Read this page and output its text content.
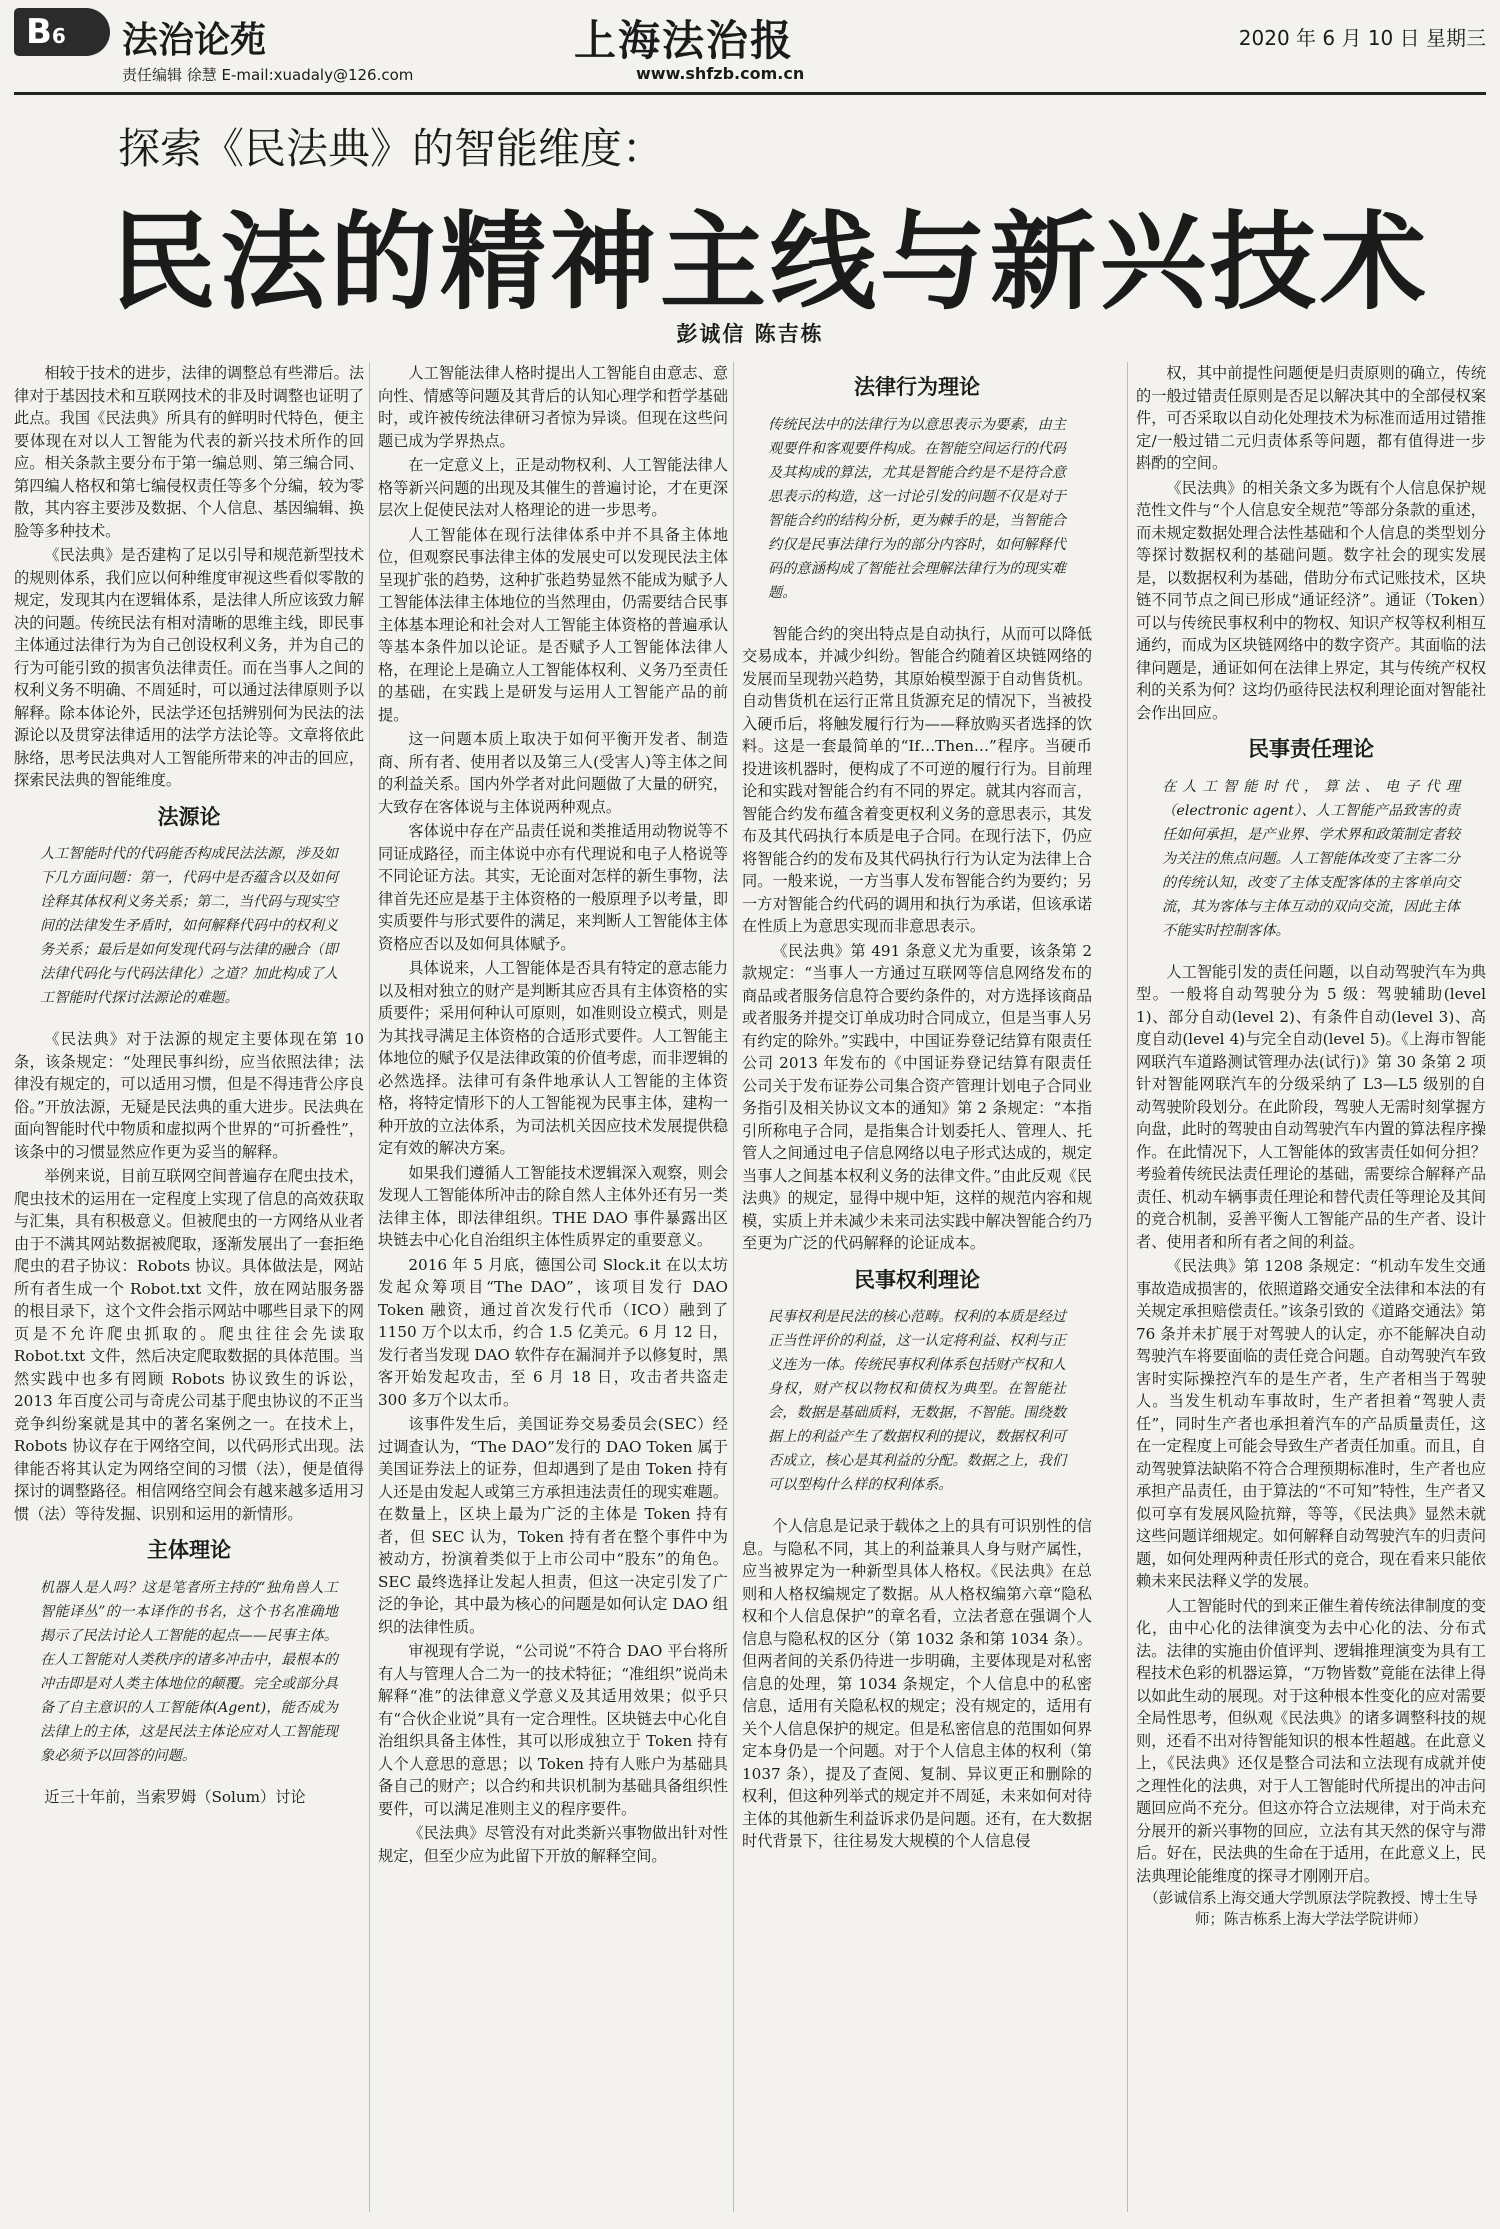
B6	法治论苑
责任编辑 徐慧 E-mail:xuadaly@126.com
上海法治报
www.shfzb.com.cn
2020 年 6 月 10 日 星期三
探索《民法典》的智能维度：
民法的精神主线与新兴技术
彭诚信 陈吉栋

相较于技术的进步，法律的调整总有些滞后。法律对于基因技术和互联网技术的非及时调整也证明了此点。我国《民法典》所具有的鲜明时代特色，便主要体现在对以人工智能为代表的新兴技术所作的回应。相关条款主要分布于第一编总则、第三编合同、第四编人格权和第七编侵权责任等多个分编，较为零散，其内容主要涉及数据、个人信息、基因编辑、换脸等多种技术。

《民法典》是否建构了足以引导和规范新型技术的规则体系，我们应以何种维度审视这些看似零散的规定，发现其内在逻辑体系，是法律人所应该致力解决的问题。传统民法有相对清晰的思维主线，即民事主体通过法律行为为自己创设权利义务，并为自己的行为可能引致的损害负法律责任。而在当事人之间的权利义务不明确、不周延时，可以通过法律原则予以解释。除本体论外，民法学还包括辨别何为民法的法源论以及贯穿法律适用的法学方法论等。文章将依此脉络，思考民法典对人工智能所带来的冲击的回应，探索民法典的智能维度。

法源论
人工智能时代的代码能否构成民法法源，涉及如下几方面问题：第一，代码中是否蕴含以及如何诠释其体权利义务关系；第二，当代码与现实空间的法律发生矛盾时，如何解释代码中的权利义务关系；最后是如何发现代码与法律的融合（即法律代码化与代码法律化）之道？加此构成了人工智能时代探讨法源论的难题。

《民法典》对于法源的规定主要体现在第 10 条，该条规定：“处理民事纠纷，应当依照法律；法律没有规定的，可以适用习惯，但是不得违背公序良俗。”开放法源，无疑是民法典的重大进步。民法典在面向智能时代中物质和虚拟两个世界的“可折叠性”，该条中的习惯显然应作更为妥当的解释。

举例来说，目前互联网空间普遍存在爬虫技术，爬虫技术的运用在一定程度上实现了信息的高效获取与汇集，具有积极意义。但被爬虫的一方网络从业者由于不满其网站数据被爬取，逐渐发展出了一套拒绝爬虫的君子协议：Robots 协议。具体做法是，网站所有者生成一个 Robot.txt 文件，放在网站服务器的根目录下，这个文件会指示网站中哪些目录下的网页是不允许爬虫抓取的。爬虫往往会先读取 Robot.txt 文件，然后决定爬取数据的具体范围。当然实践中也多有罔顾 Robots 协议致生的诉讼，2013 年百度公司与奇虎公司基于爬虫协议的不正当竞争纠纷案就是其中的著名案例之一。在技术上，Robots 协议存在于网络空间，以代码形式出现。法律能否将其认定为网络空间的习惯（法），便是值得探讨的调整路径。相信网络空间会有越来越多适用习惯（法）等待发掘、识别和运用的新情形。

主体理论
机器人是人吗？这是笔者所主持的“独角兽人工智能译丛”的一本译作的书名，这个书名准确地揭示了民法讨论人工智能的起点——民事主体。在人工智能对人类秩序的诸多冲击中，最根本的冲击即是对人类主体地位的颠覆。完全或部分具备了自主意识的人工智能体(Agent)，能否成为法律上的主体，这是民法主体论应对人工智能现象必须予以回答的问题。

近三十年前，当索罗姆（Solum）讨论

人工智能法律人格时提出人工智能自由意志、意向性、情感等问题及其背后的认知心理学和哲学基础时，或许被传统法律研习者惊为异谈。但现在这些问题已成为学界热点。

在一定意义上，正是动物权利、人工智能法律人格等新兴问题的出现及其催生的普遍讨论，才在更深层次上促使民法对人格理论的进一步思考。

人工智能体在现行法律体系中并不具备主体地位，但观察民事法律主体的发展史可以发现民法主体呈现扩张的趋势，这种扩张趋势显然不能成为赋予人工智能体法律主体地位的当然理由，仍需要结合民事主体基本理论和社会对人工智能主体资格的普遍承认等基本条件加以论证。是否赋予人工智能体法律人格，在理论上是确立人工智能体权利、义务乃至责任的基础，在实践上是研发与运用人工智能产品的前提。

这一问题本质上取决于如何平衡开发者、制造商、所有者、使用者以及第三人(受害人)等主体之间的利益关系。国内外学者对此问题做了大量的研究，大致存在客体说与主体说两种观点。

客体说中存在产品责任说和类推适用动物说等不同证成路径，而主体说中亦有代理说和电子人格说等不同论证方法。其实，无论面对怎样的新生事物，法律首先还应是基于主体资格的一般原理予以考量，即实质要件与形式要件的满足，来判断人工智能体主体资格应否以及如何具体赋予。

具体说来，人工智能体是否具有特定的意志能力以及相对独立的财产是判断其应否具有主体资格的实质要件；采用何种认可原则，如准则设立模式，则是为其找寻满足主体资格的合适形式要件。人工智能主体地位的赋予仅是法律政策的价值考虑，而非逻辑的必然选择。法律可有条件地承认人工智能的主体资格，将特定情形下的人工智能视为民事主体，建构一种开放的立法体系，为司法机关因应技术发展提供稳定有效的解决方案。

如果我们遵循人工智能技术逻辑深入观察，则会发现人工智能体所冲击的除自然人主体外还有另一类法律主体，即法律组织。THE DAO 事件暴露出区块链去中心化自治组织主体性质界定的重要意义。

2016 年 5 月底，德国公司 Slock.it 在以太坊发起众筹项目“The DAO”，该项目发行 DAO Token 融资，通过首次发行代币（ICO）融到了 1150 万个以太币，约合 1.5 亿美元。6 月 12 日，发行者当发现 DAO 软件存在漏洞并予以修复时，黑客开始发起攻击，至 6 月 18 日，攻击者共盗走 300 多万个以太币。

该事件发生后，美国证券交易委员会(SEC）经过调查认为，“The DAO”发行的 DAO Token 属于美国证券法上的证券，但却遇到了是由 Token 持有人还是由发起人或第三方承担违法责任的现实难题。在数量上，区块上最为广泛的主体是 Token 持有者，但 SEC 认为，Token 持有者在整个事件中为被动方，扮演着类似于上市公司中“股东”的角色。SEC 最终选择让发起人担责，但这一决定引发了广泛的争论，其中最为核心的问题是如何认定 DAO 组织的法律性质。

审视现有学说，“公司说”不符合 DAO 平台将所有人与管理人合二为一的技术特征；“准组织”说尚未解释“准”的法律意义学意义及其适用效果；似乎只有“合伙企业说”具有一定合理性。区块链去中心化自治组织具备主体性，其可以形成独立于 Token 持有人个人意思的意思；以 Token 持有人账户为基础具备自己的财产；以合约和共识机制为基础具备组织性要件，可以满足准则主义的程序要件。

《民法典》尽管没有对此类新兴事物做出针对性规定，但至少应为此留下开放的解释空间。

法律行为理论
传统民法中的法律行为以意思表示为要素，由主观要件和客观要件构成。在智能空间运行的代码及其构成的算法，尤其是智能合约是不是符合意思表示的构造，这一讨论引发的问题不仅是对于智能合约的结构分析，更为棘手的是，当智能合约仅是民事法律行为的部分内容时，如何解释代码的意涵构成了智能社会理解法律行为的现实难题。

智能合约的突出特点是自动执行，从而可以降低交易成本，并减少纠纷。智能合约随着区块链网络的发展而呈现勃兴趋势，其原始模型源于自动售货机。自动售货机在运行正常且货源充足的情况下，当被投入硬币后，将触发履行行为——释放购买者选择的饮料。这是一套最简单的“If…Then…”程序。当硬币投进该机器时，便构成了不可逆的履行行为。目前理论和实践对智能合约有不同的界定。就其内容而言，智能合约发布蕴含着变更权利义务的意思表示，其发布及其代码执行本质是电子合同。在现行法下，仍应将智能合约的发布及其代码执行行为认定为法律上合同。一般来说，一方当事人发布智能合约为要约；另一方对智能合约代码的调用和执行为承诺，但该承诺在性质上为意思实现而非意思表示。

《民法典》第 491 条意义尤为重要，该条第 2 款规定：“当事人一方通过互联网等信息网络发布的商品或者服务信息符合要约条件的，对方选择该商品或者服务并提交订单成功时合同成立，但是当事人另有约定的除外。”实践中，中国证券登记结算有限责任公司 2013 年发布的《中国证券登记结算有限责任公司关于发布证券公司集合资产管理计划电子合同业务指引及相关协议文本的通知》第 2 条规定：“本指引所称电子合同，是指集合计划委托人、管理人、托管人之间通过电子信息网络以电子形式达成的，规定当事人之间基本权利义务的法律文件。”由此反观《民法典》的规定，显得中规中矩，这样的规范内容和规模，实质上并未减少未来司法实践中解决智能合约乃至更为广泛的代码解释的论证成本。

民事权利理论
民事权利是民法的核心范畴。权利的本质是经过正当性评价的利益，这一认定将利益、权利与正义连为一体。传统民事权利体系包括财产权和人身权，财产权以物权和债权为典型。在智能社会，数据是基础质料，无数据，不智能。围绕数据上的利益产生了数据权利的提议，数据权利可否成立，核心是其利益的分配。数据之上，我们可以型构什么样的权利体系。

个人信息是记录于载体之上的具有可识别性的信息。与隐私不同，其上的利益兼具人身与财产属性，应当被界定为一种新型具体人格权。《民法典》在总则和人格权编规定了数据。从人格权编第六章“隐私权和个人信息保护”的章名看，立法者意在强调个人信息与隐私权的区分（第 1032 条和第 1034 条）。但两者间的关系仍待进一步明确，主要体现是对私密信息的处理，第 1034 条规定，个人信息中的私密信息，适用有关隐私权的规定；没有规定的，适用有关个人信息保护的规定。但是私密信息的范围如何界定本身仍是一个问题。对于个人信息主体的权利（第 1037 条），提及了查阅、复制、异议更正和删除的权利，但这种列举式的规定并不周延，未来如何对待主体的其他新生利益诉求仍是问题。还有，在大数据时代背景下，往往易发大规模的个人信息侵

权，其中前提性问题便是归责原则的确立，传统的一般过错责任原则是否足以解决其中的全部侵权案件，可否采取以自动化处理技术为标准而适用过错推定/一般过错二元归责体系等问题，都有值得进一步斟酌的空间。

《民法典》的相关条文多为既有个人信息保护规范性文件与“个人信息安全规范”等部分条款的重述，而未规定数据处理合法性基础和个人信息的类型划分等探讨数据权利的基础问题。数字社会的现实发展是，以数据权利为基础，借助分布式记账技术，区块链不同节点之间已形成“通证经济”。通证（Token）可以与传统民事权利中的物权、知识产权等权利相互通约，而成为区块链网络中的数字资产。其面临的法律问题是，通证如何在法律上界定，其与传统产权权利的关系为何？这均仍亟待民法权利理论面对智能社会作出回应。

民事责任理论
在人工智能时代，算法、电子代理（electronic agent）、人工智能产品致害的责任如何承担，是产业界、学术界和政策制定者较为关注的焦点问题。人工智能体改变了主客二分的传统认知，改变了主体支配客体的主客单向交流，其为客体与主体互动的双向交流，因此主体不能实时控制客体。

人工智能引发的责任问题，以自动驾驶汽车为典型。一般将自动驾驶分为 5 级：驾驶辅助(level 1)、部分自动(level 2)、有条件自动(level 3)、高度自动(level 4)与完全自动(level 5)。《上海市智能网联汽车道路测试管理办法(试行)》第 30 条第 2 项针对智能网联汽车的分级采纳了 L3—L5 级别的自动驾驶阶段划分。在此阶段，驾驶人无需时刻掌握方向盘，此时的驾驶由自动驾驶汽车内置的算法程序操作。在此情况下，人工智能体的致害责任如何分担？考验着传统民法责任理论的基础，需要综合解释产品责任、机动车辆事责任理论和替代责任等理论及其间的竞合机制，妥善平衡人工智能产品的生产者、设计者、使用者和所有者之间的利益。

《民法典》第 1208 条规定：“机动车发生交通事故造成损害的，依照道路交通安全法律和本法的有关规定承担赔偿责任。”该条引致的《道路交通法》第 76 条并未扩展于对驾驶人的认定，亦不能解决自动驾驶汽车将要面临的责任竞合问题。自动驾驶汽车致害时实际操控汽车的是生产者，生产者相当于驾驶人。当发生机动车事故时，生产者担着“驾驶人责任”，同时生产者也承担着汽车的产品质量责任，这在一定程度上可能会导致生产者责任加重。而且，自动驾驶算法缺陷不符合合理预期标准时，生产者也应承担产品责任，由于算法的“不可知”特性，生产者又似可享有发展风险抗辩，等等，《民法典》显然未就这些问题详细规定。如何解释自动驾驶汽车的归责问题，如何处理两种责任形式的竞合，现在看来只能依赖未来民法释义学的发展。

人工智能时代的到来正催生着传统法律制度的变化，由中心化的法律演变为去中心化的法、分布式法。法律的实施由价值评判、逻辑推理演变为具有工程技术色彩的机器运算，“万物皆数”竟能在法律上得以如此生动的展现。对于这种根本性变化的应对需要全局性思考，但纵观《民法典》的诸多调整科技的规则，还看不出对待智能知识的根本性超越。在此意义上，《民法典》还仅是整合司法和立法现有成就并使之理性化的法典，对于人工智能时代所提出的冲击问题回应尚不充分。但这亦符合立法规律，对于尚未充分展开的新兴事物的回应，立法有其天然的保守与滞后。好在，民法典的生命在于适用，在此意义上，民法典理论能维度的探寻才刚刚开启。

（彭诚信系上海交通大学凯原法学院教授、博士生导师；陈吉栋系上海大学法学院讲师）
